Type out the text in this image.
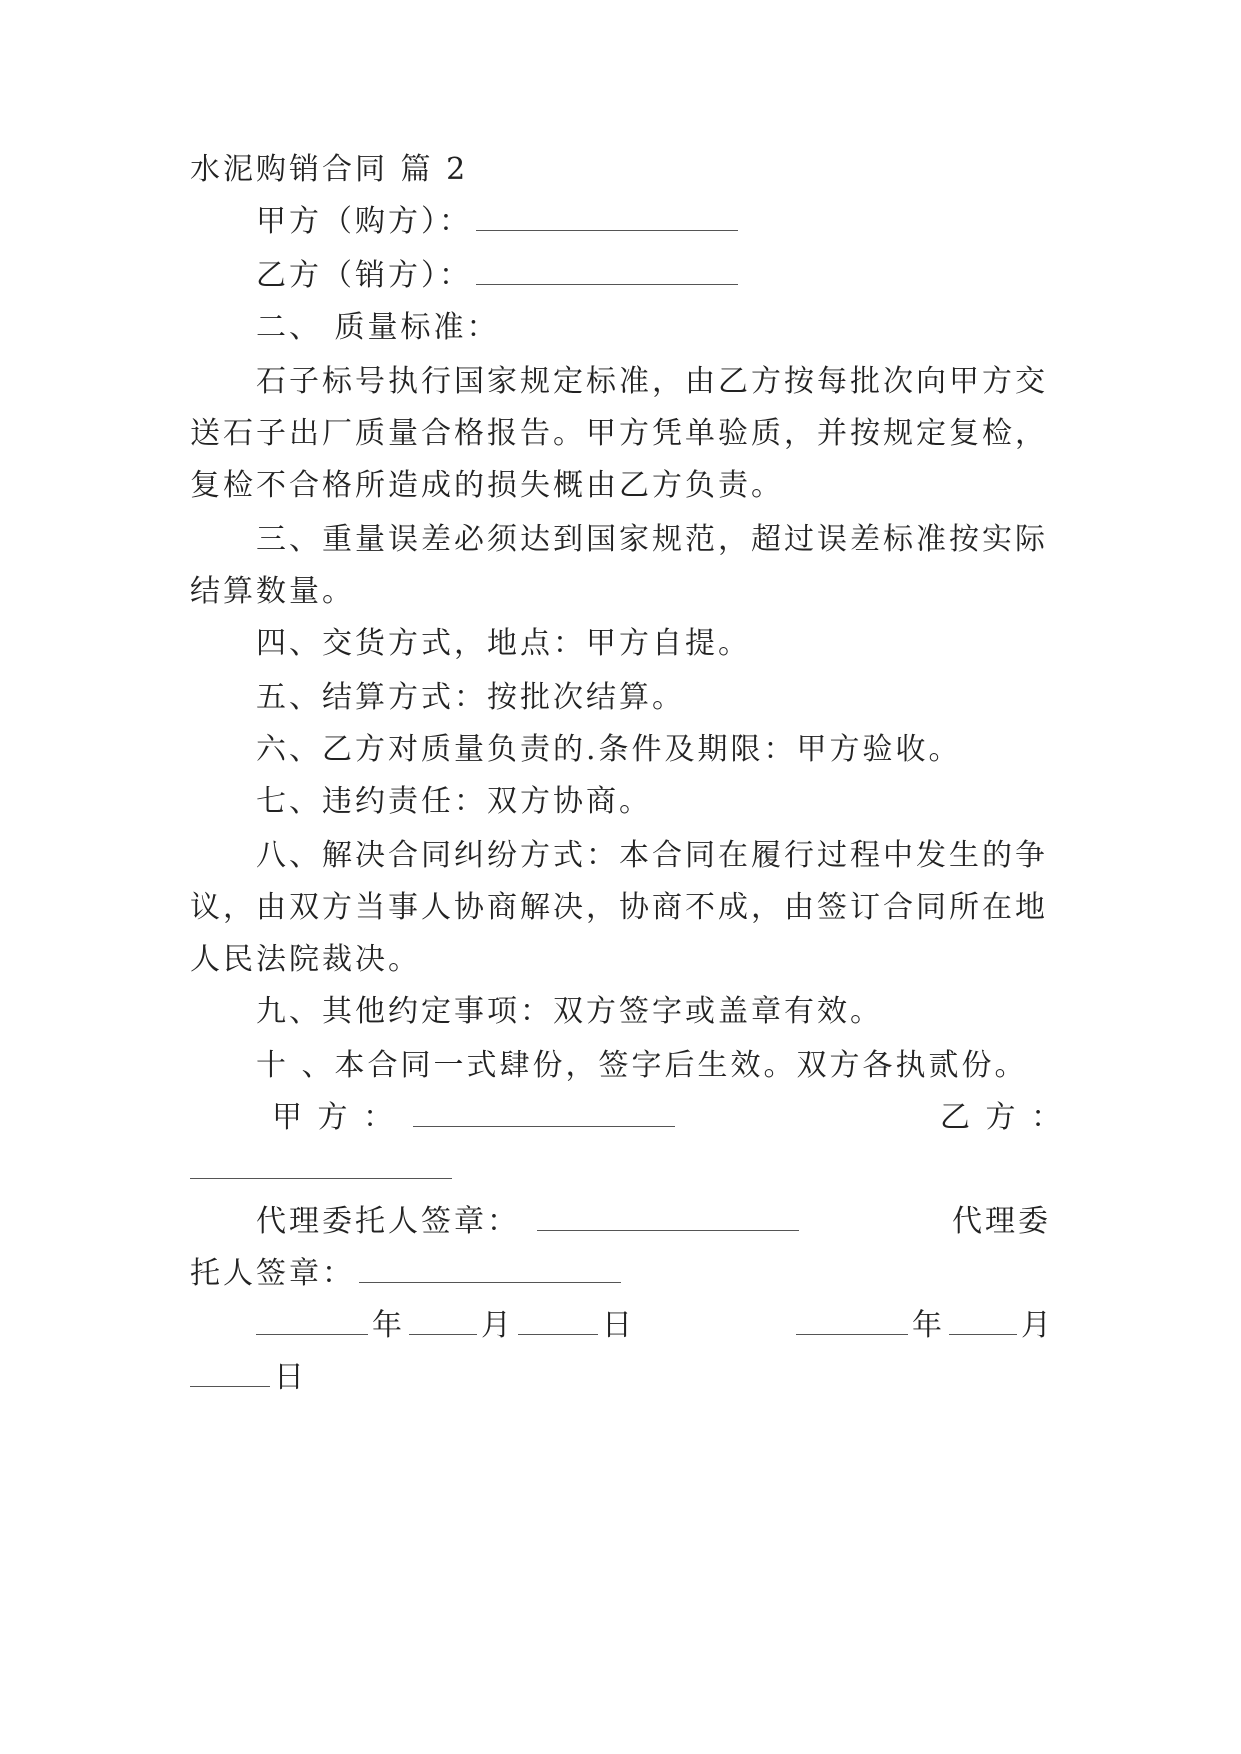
水泥购销合同 篇 2
甲方（购方）：
乙方（销方）：
二、 质量标准：
石子标号执行国家规定标准，由乙方按每批次向甲方交
送石子出厂质量合格报告。甲方凭单验质，并按规定复检，
复检不合格所造成的损失概由乙方负责。
三、重量误差必须达到国家规范，超过误差标准按实际
结算数量。
四、交货方式，地点：甲方自提。
五、结算方式：按批次结算。
六、乙方对质量负责的.条件及期限：甲方验收。
七、违约责任：双方协商。
八、解决合同纠纷方式：本合同在履行过程中发生的争
议，由双方当事人协商解决，协商不成，由签订合同所在地
人民法院裁决。
九、其他约定事项：双方签字或盖章有效。
十 、本合同一式肆份，签字后生效。双方各执贰份。
甲 方 ：	乙 方 ：
代理委托人签章：	代理委
托人签章：
年	月	日	年	月
日
